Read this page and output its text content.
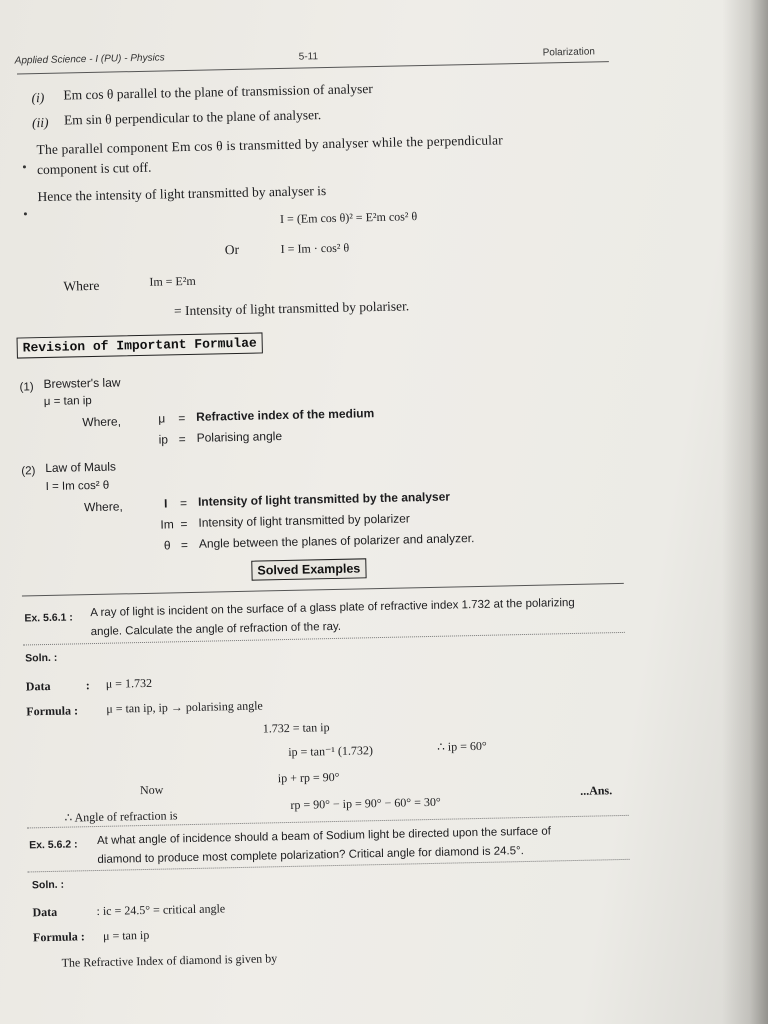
Applied Science - I (PU) - Physics	5-11	Polarization
(i) Em cos θ parallel to the plane of transmission of analyser
(ii) Em sin θ perpendicular to the plane of analyser.
The parallel component Em cos θ is transmitted by analyser while the perpendicular
component is cut off.
Hence the intensity of light transmitted by analyser is
I = (Em cos θ)² = E²m cos² θ
Or	I = Im · cos² θ
Where	Im = E²m
= Intensity of light transmitted by polariser.
Revision of Important Formulae
(1) Brewster's law
μ = tan ip
Where,	μ = Refractive index of the medium
ip = Polarising angle
(2) Law of Mauls
I = Im cos² θ
Where,	I = Intensity of light transmitted by the analyser
Im = Intensity of light transmitted by polarizer
θ = Angle between the planes of polarizer and analyzer.
Solved Examples
Ex. 5.6.1 : A ray of light is incident on the surface of a glass plate of refractive index 1.732 at the polarizing
angle. Calculate the angle of refraction of the ray.
Soln. :
Data	: μ = 1.732
Formula : μ = tan ip, ip → polarising angle
1.732 = tan ip
ip = tan⁻¹ (1.732)	∴ ip = 60°
Now
ip + rp = 90°
∴ Angle of refraction is
rp = 90° − ip = 90° − 60° = 30°
...Ans.
Ex. 5.6.2 : At what angle of incidence should a beam of Sodium light be directed upon the surface of
diamond to produce most complete polarization? Critical angle for diamond is 24.5°.
Soln. :
Data	: ic = 24.5° = critical angle
Formula : μ = tan ip
The Refractive Index of diamond is given by
